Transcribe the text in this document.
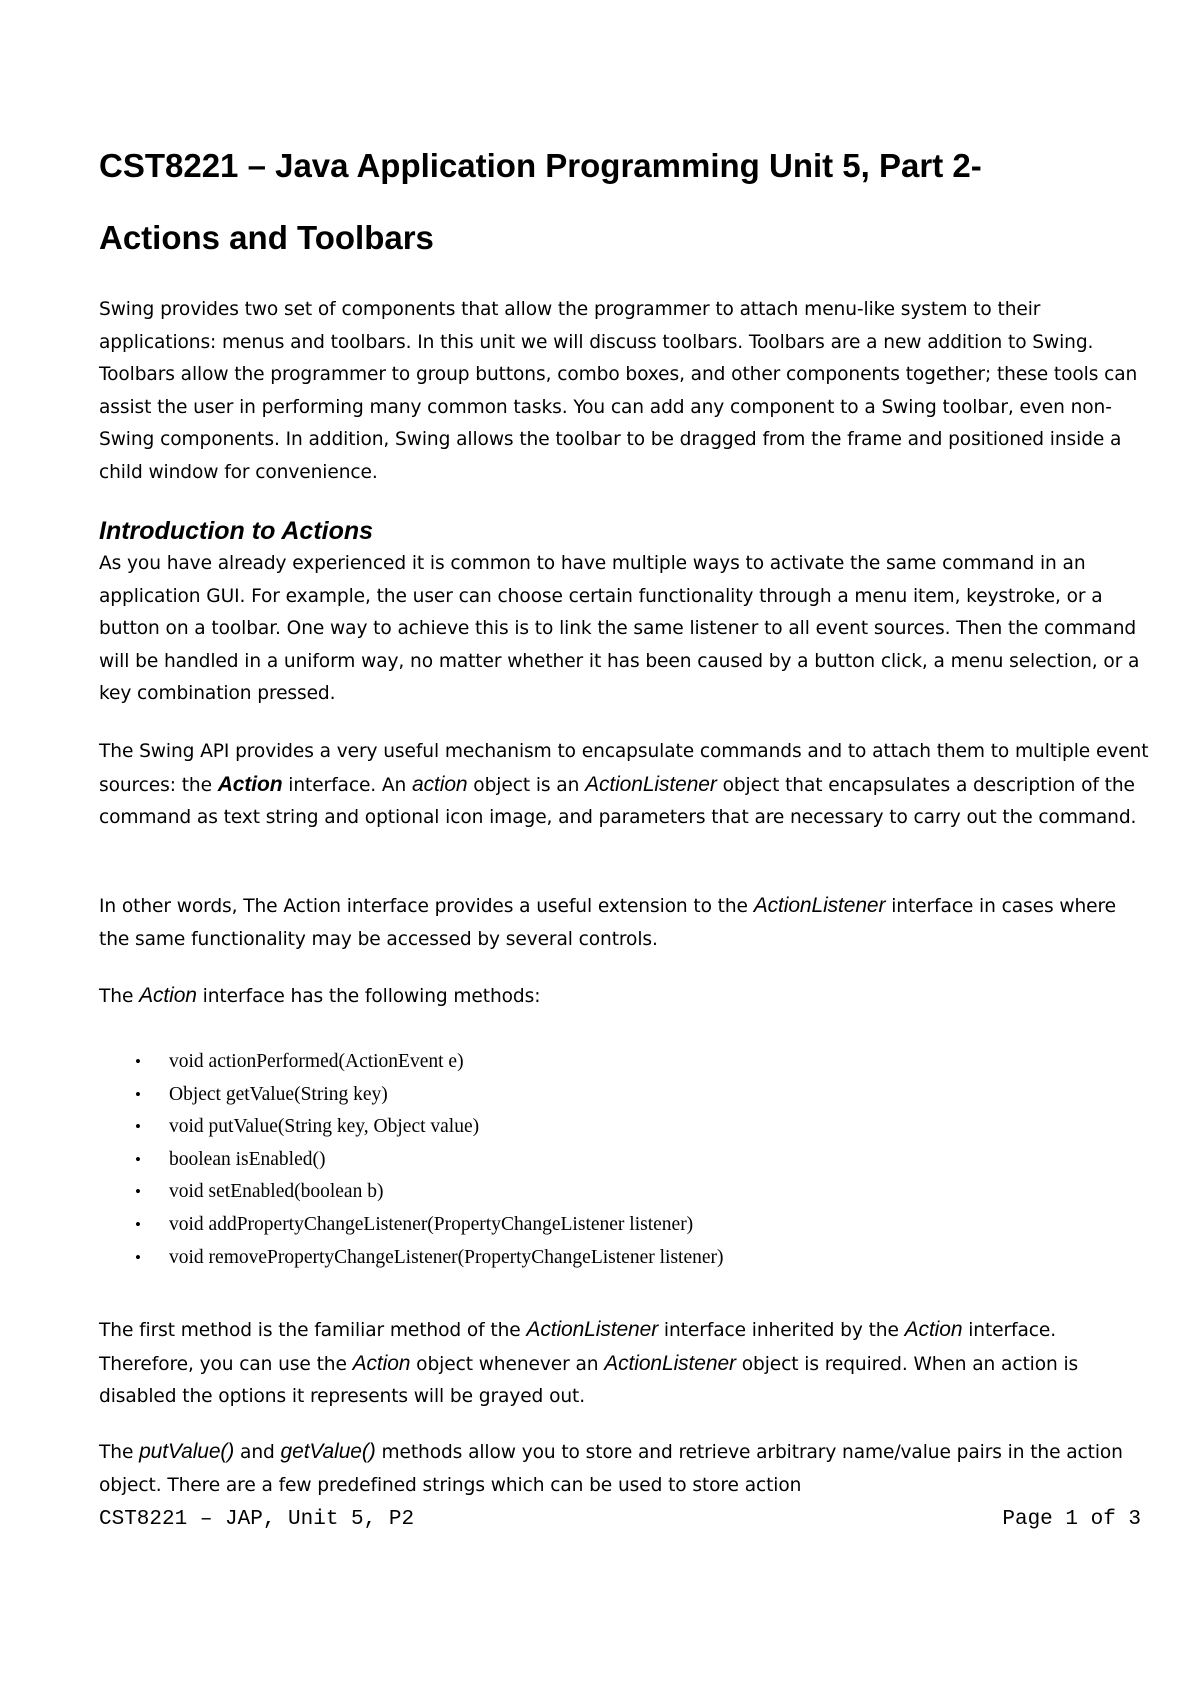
CST8221 – Java Application Programming Unit 5, Part 2-
Actions and Toolbars

Swing provides two set of components that allow the programmer to attach menu-like system to their applications: menus and toolbars. In this unit we will discuss toolbars. Toolbars are a new addition to Swing. Toolbars allow the programmer to group buttons, combo boxes, and other components together; these tools can assist the user in performing many common tasks. You can add any component to a Swing toolbar, even non-Swing components. In addition, Swing allows the toolbar to be dragged from the frame and positioned inside a child window for convenience.

Introduction to Actions

As you have already experienced it is common to have multiple ways to activate the same command in an application GUI. For example, the user can choose certain functionality through a menu item, keystroke, or a button on a toolbar. One way to achieve this is to link the same listener to all event sources. Then the command will be handled in a uniform way, no matter whether it has been caused by a button click, a menu selection, or a key combination pressed.

The Swing API provides a very useful mechanism to encapsulate commands and to attach them to multiple event sources: the Action interface. An action object is an ActionListener object that encapsulates a description of the command as text string and optional icon image, and parameters that are necessary to carry out the command.

In other words, The Action interface provides a useful extension to the ActionListener interface in cases where the same functionality may be accessed by several controls.

The Action interface has the following methods:

• void actionPerformed(ActionEvent e)
• Object getValue(String key)
• void putValue(String key, Object value)
• boolean isEnabled()
• void setEnabled(boolean b)
• void addPropertyChangeListener(PropertyChangeListener listener)
• void removePropertyChangeListener(PropertyChangeListener listener)

The first method is the familiar method of the ActionListener interface inherited by the Action interface. Therefore, you can use the Action object whenever an ActionListener object is required. When an action is disabled the options it represents will be grayed out.

The putValue() and getValue() methods allow you to store and retrieve arbitrary name/value pairs in the action object. There are a few predefined strings which can be used to store action

CST8221 – JAP, Unit 5, P2	Page 1 of 3
